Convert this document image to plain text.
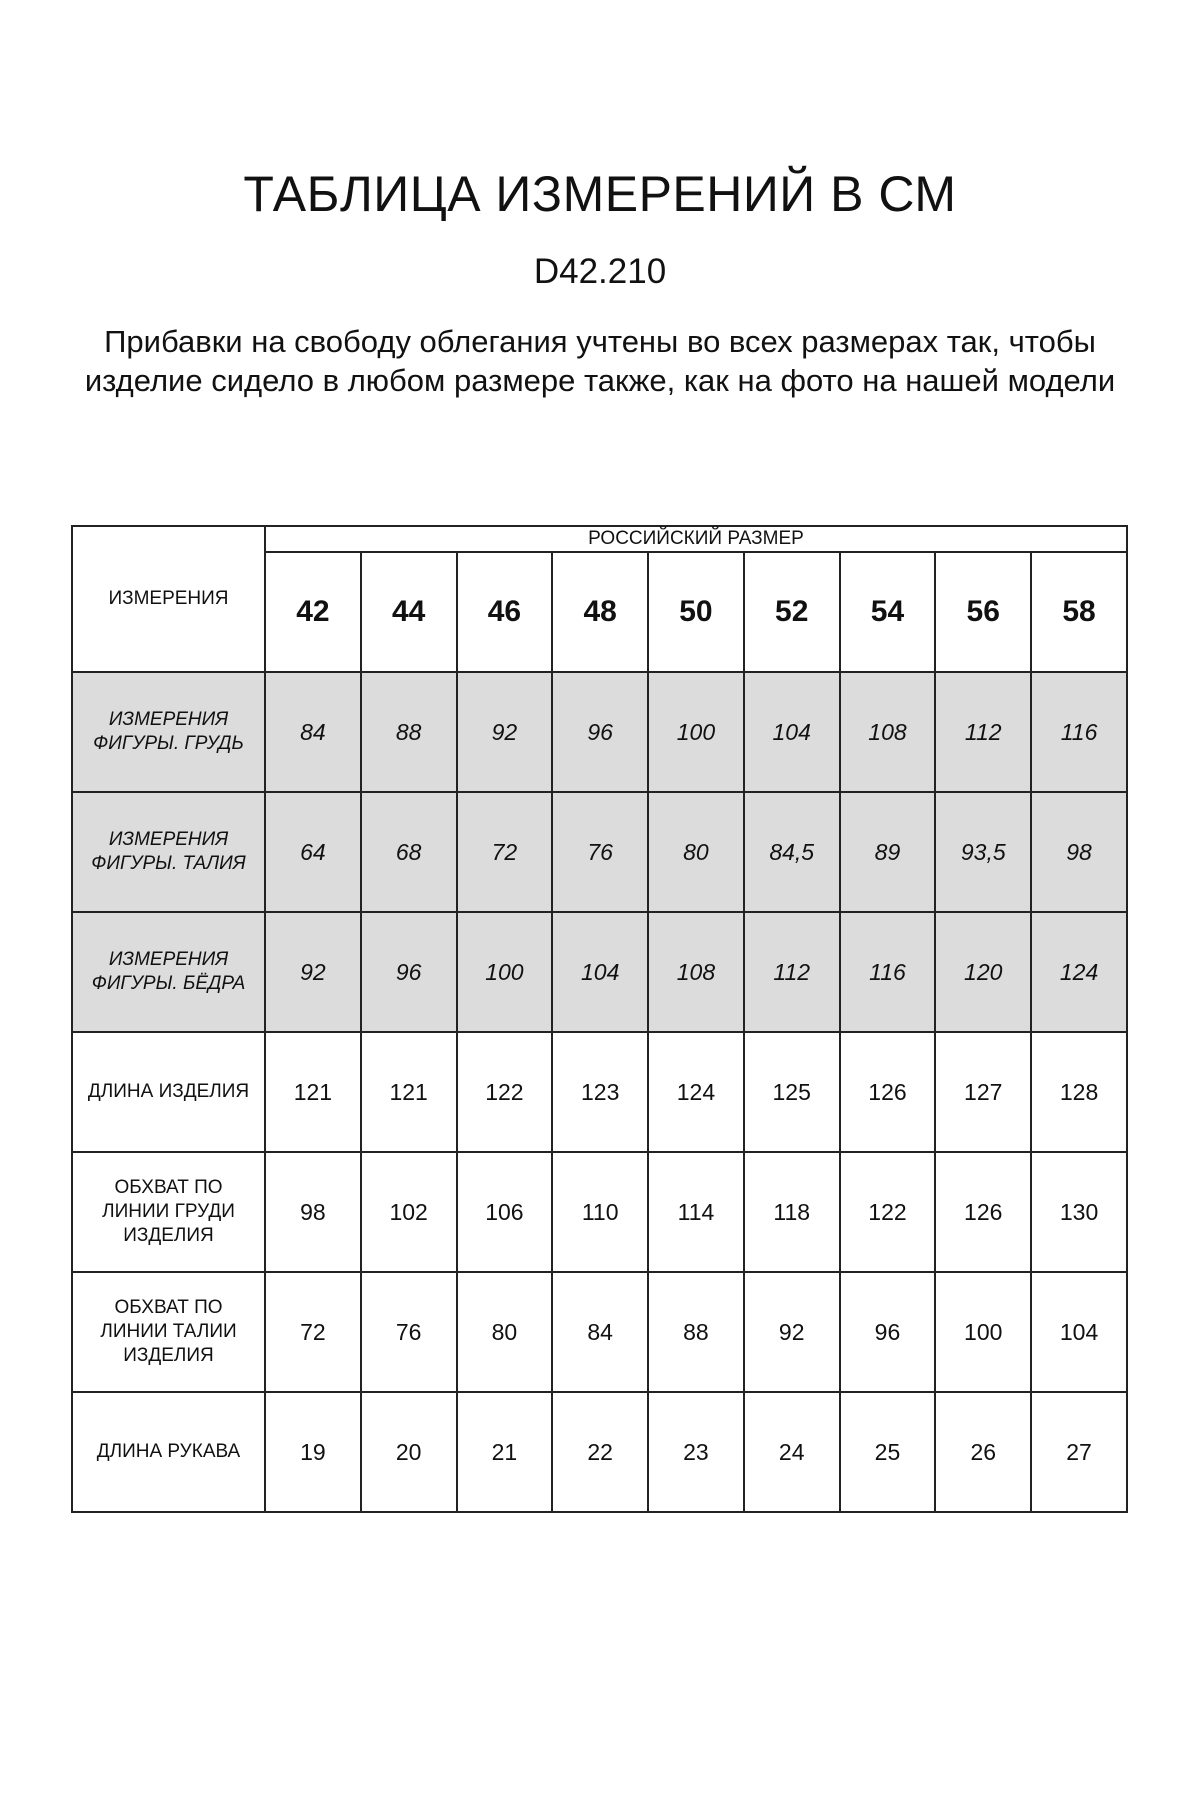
ТАБЛИЦА ИЗМЕРЕНИЙ В СМ
D42.210
Прибавки на свободу облегания учтены во всех размерах так, чтобы изделие сидело в любом размере также, как на фото на нашей модели
ИЗМЕРЕНИЯ	РОССИЙСКИЙ РАЗМЕР								
	42	44	46	48	50	52	54	56	58
ИЗМЕРЕНИЯ ФИГУРЫ. ГРУДЬ	84	88	92	96	100	104	108	112	116
ИЗМЕРЕНИЯ ФИГУРЫ. ТАЛИЯ	64	68	72	76	80	84,5	89	93,5	98
ИЗМЕРЕНИЯ ФИГУРЫ. БЁДРА	92	96	100	104	108	112	116	120	124
ДЛИНА ИЗДЕЛИЯ	121	121	122	123	124	125	126	127	128
ОБХВАТ ПО ЛИНИИ ГРУДИ ИЗДЕЛИЯ	98	102	106	110	114	118	122	126	130
ОБХВАТ ПО ЛИНИИ ТАЛИИ ИЗДЕЛИЯ	72	76	80	84	88	92	96	100	104
ДЛИНА РУКАВА	19	20	21	22	23	24	25	26	27
